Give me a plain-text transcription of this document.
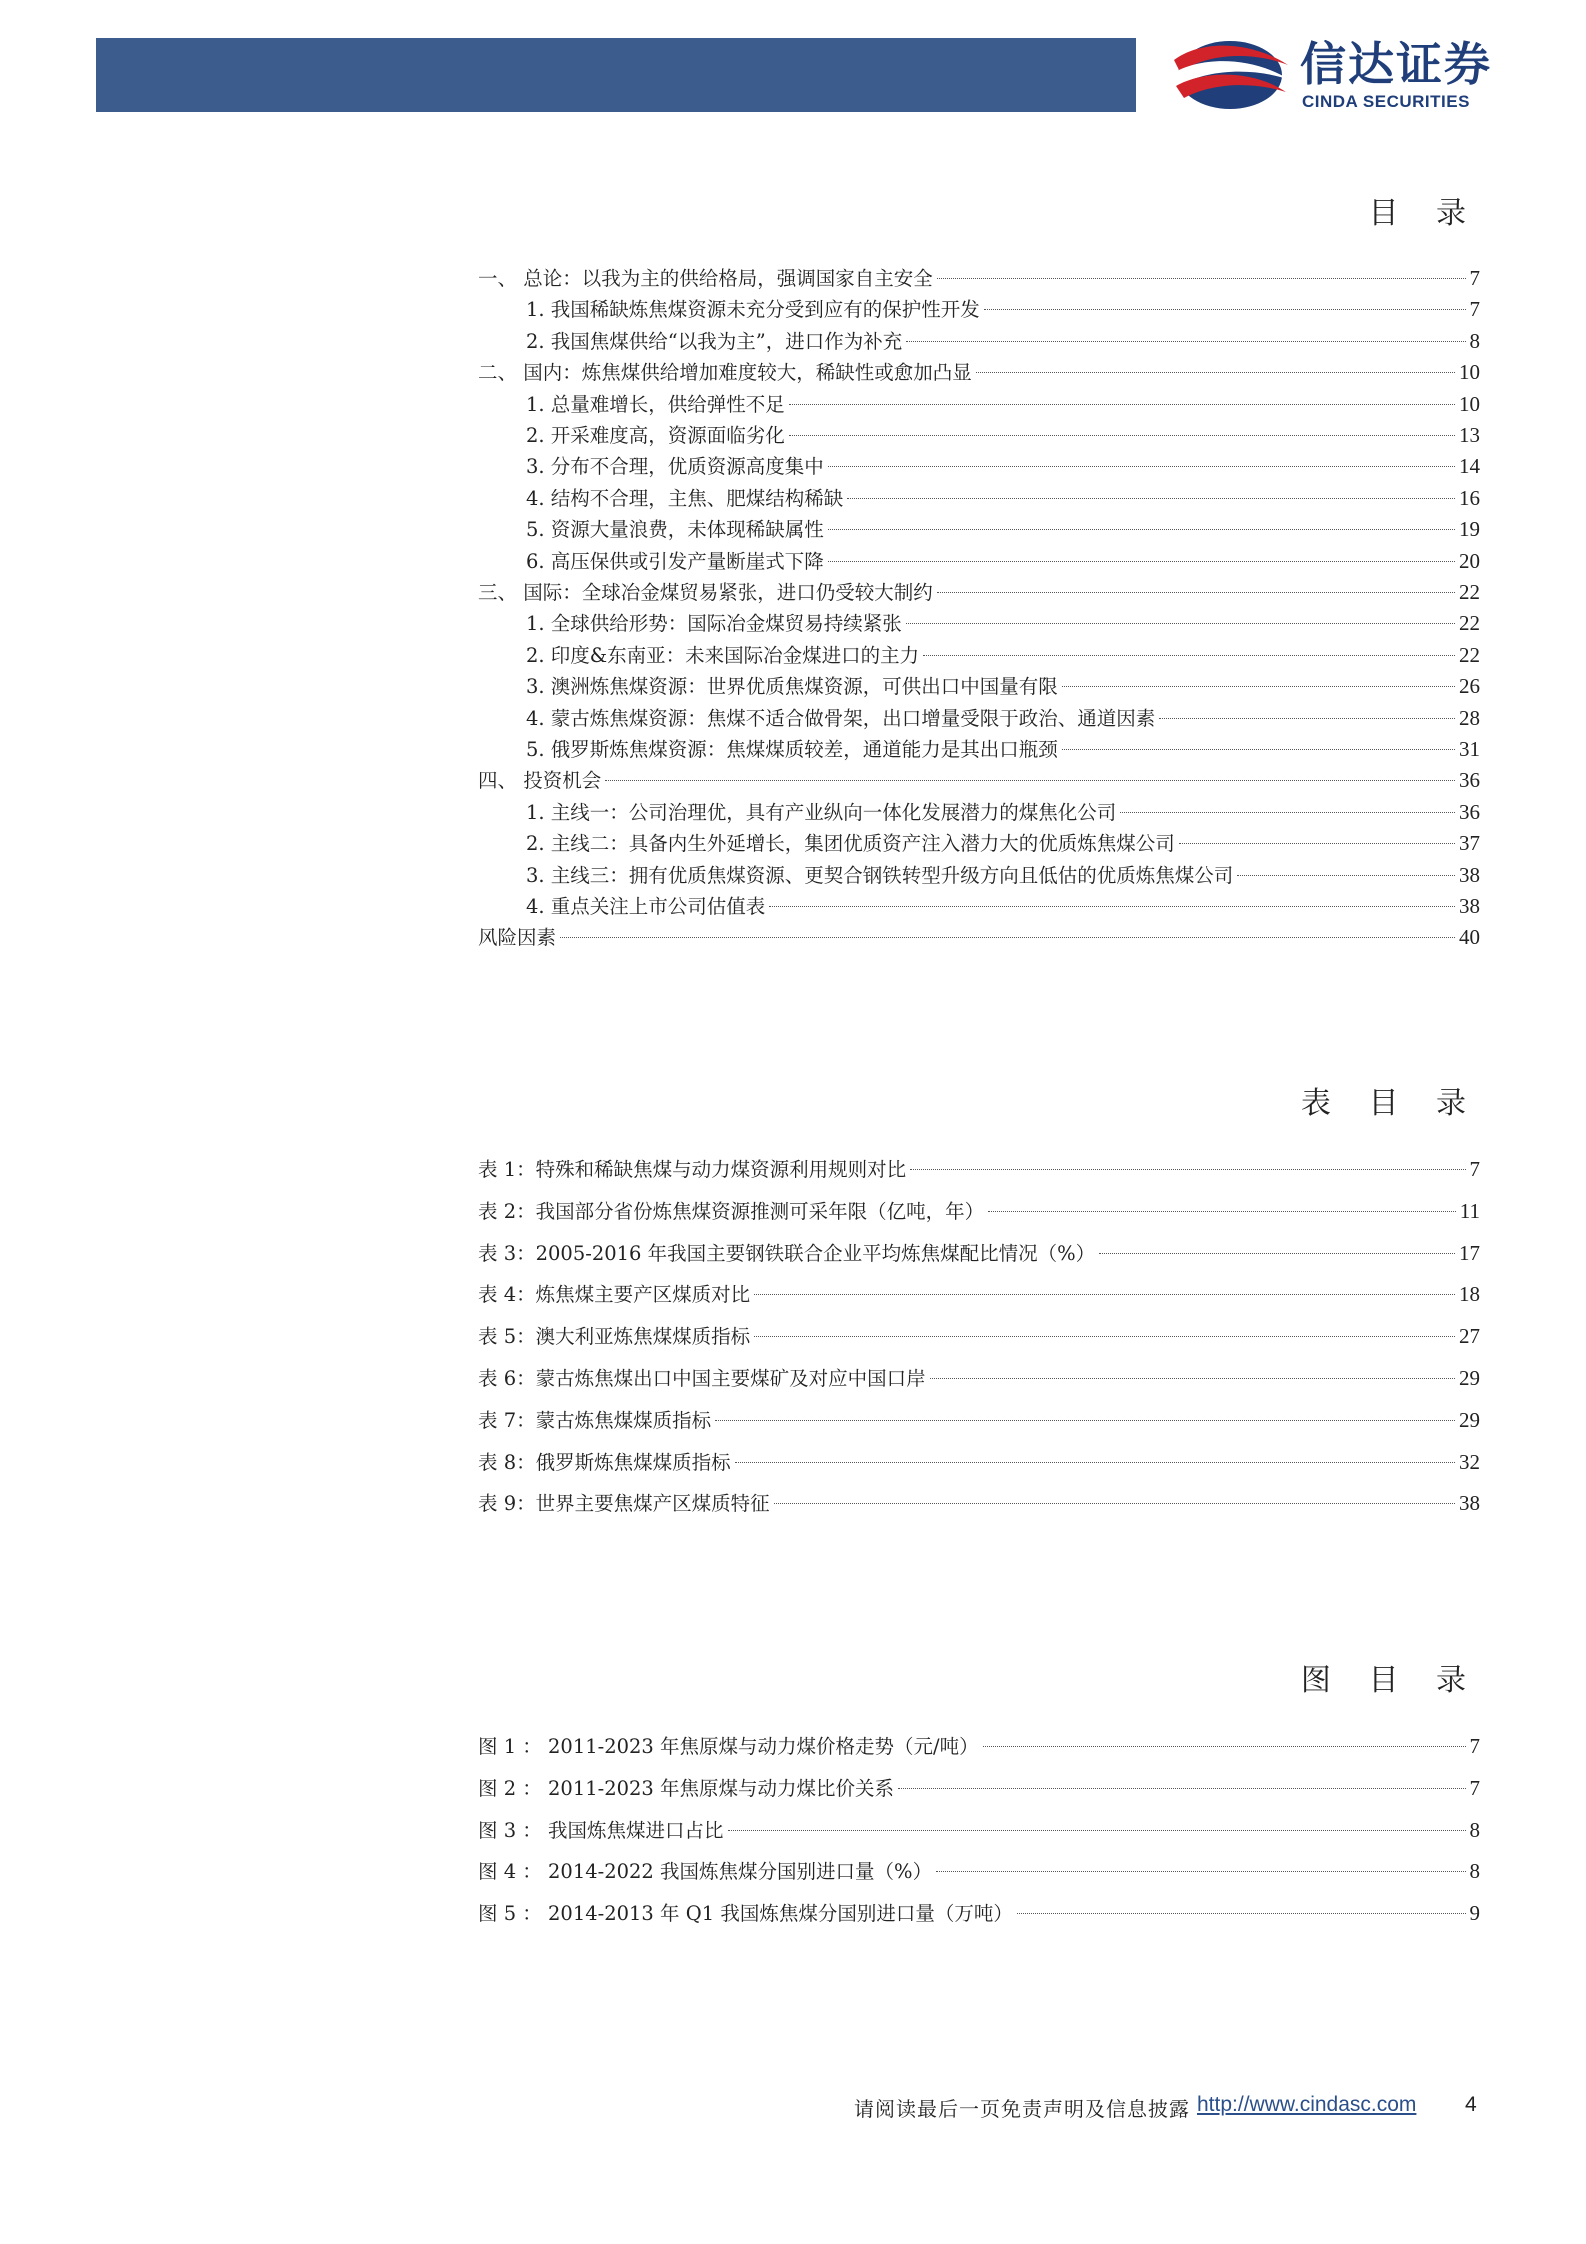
信达证券
CINDA SECURITIES
目 录
一、 总论：以我为主的供给格局，强调国家自主安全	7
1. 我国稀缺炼焦煤资源未充分受到应有的保护性开发	7
2. 我国焦煤供给“以我为主”，进口作为补充	8
二、 国内：炼焦煤供给增加难度较大，稀缺性或愈加凸显	10
1. 总量难增长，供给弹性不足	10
2. 开采难度高，资源面临劣化	13
3. 分布不合理，优质资源高度集中	14
4. 结构不合理，主焦、肥煤结构稀缺	16
5. 资源大量浪费，未体现稀缺属性	19
6. 高压保供或引发产量断崖式下降	20
三、 国际：全球冶金煤贸易紧张，进口仍受较大制约	22
1. 全球供给形势：国际冶金煤贸易持续紧张	22
2. 印度&东南亚：未来国际冶金煤进口的主力	22
3. 澳洲炼焦煤资源：世界优质焦煤资源，可供出口中国量有限	26
4. 蒙古炼焦煤资源：焦煤不适合做骨架，出口增量受限于政治、通道因素	28
5. 俄罗斯炼焦煤资源：焦煤煤质较差，通道能力是其出口瓶颈	31
四、 投资机会	36
1. 主线一：公司治理优，具有产业纵向一体化发展潜力的煤焦化公司	36
2. 主线二：具备内生外延增长，集团优质资产注入潜力大的优质炼焦煤公司	37
3. 主线三：拥有优质焦煤资源、更契合钢铁转型升级方向且低估的优质炼焦煤公司	38
4. 重点关注上市公司估值表	38
风险因素	40
表 目 录
表 1：特殊和稀缺焦煤与动力煤资源利用规则对比	7
表 2：我国部分省份炼焦煤资源推测可采年限（亿吨，年）	11
表 3：2005-2016 年我国主要钢铁联合企业平均炼焦煤配比情况（%）	17
表 4：炼焦煤主要产区煤质对比	18
表 5：澳大利亚炼焦煤煤质指标	27
表 6：蒙古炼焦煤出口中国主要煤矿及对应中国口岸	29
表 7：蒙古炼焦煤煤质指标	29
表 8：俄罗斯炼焦煤煤质指标	32
表 9：世界主要焦煤产区煤质特征	38
图 目 录
图 1 ： 2011-2023 年焦原煤与动力煤价格走势（元/吨）	7
图 2 ： 2011-2023 年焦原煤与动力煤比价关系	7
图 3 ： 我国炼焦煤进口占比	8
图 4 ： 2014-2022 我国炼焦煤分国别进口量（%）	8
图 5 ： 2014-2013 年 Q1 我国炼焦煤分国别进口量（万吨）	9
请阅读最后一页免责声明及信息披露 http://www.cindasc.com 4
